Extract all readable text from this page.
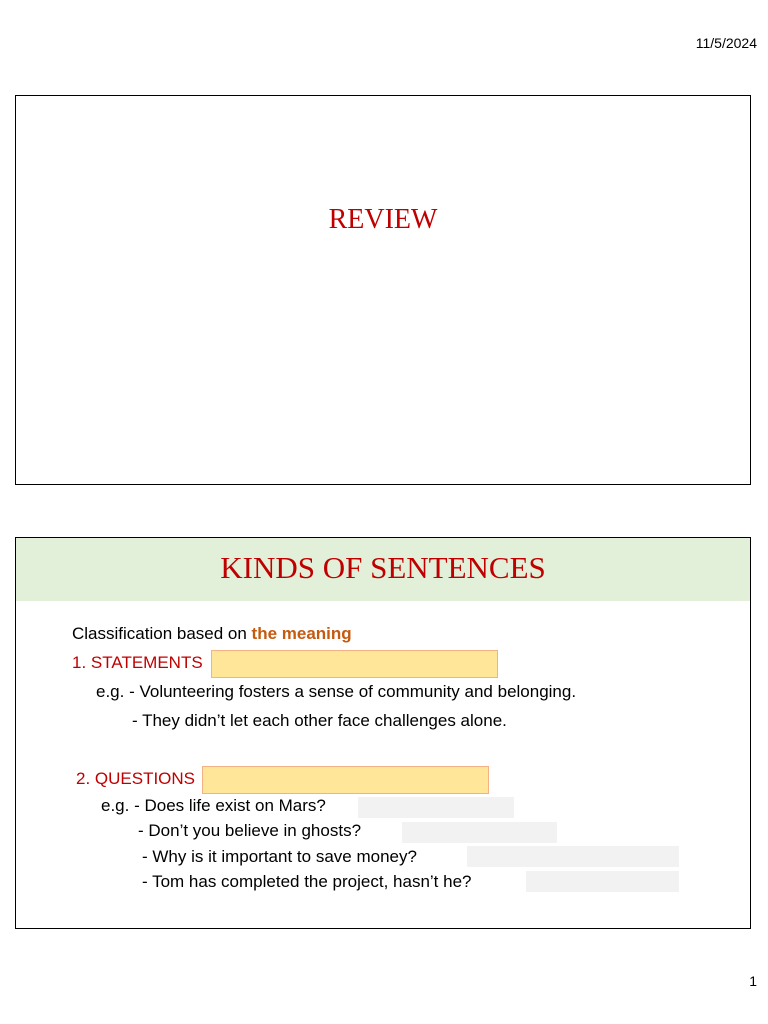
11/5/2024
REVIEW
KINDS OF SENTENCES
Classification based on the meaning
1. STATEMENTS
e.g. - Volunteering fosters a sense of community and belonging.
- They didn’t let each other face challenges alone.
2. QUESTIONS
e.g. - Does life exist on Mars?
- Don’t you believe in ghosts?
- Why is it important to save money?
- Tom has completed the project, hasn’t he?
1
